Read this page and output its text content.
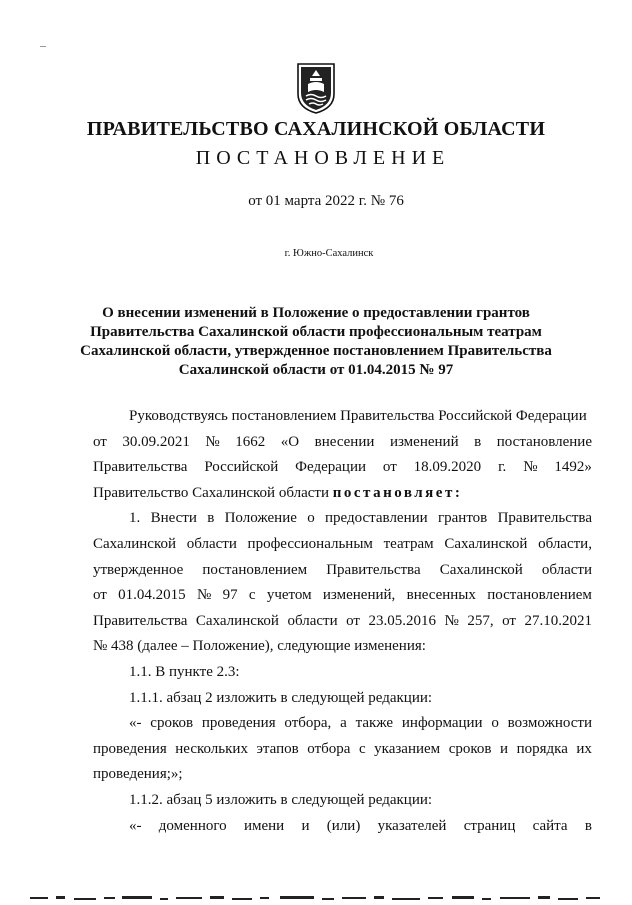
ПРАВИТЕЛЬСТВО САХАЛИНСКОЙ ОБЛАСТИ
ПОСТАНОВЛЕНИЕ
от 01 марта 2022 г. № 76
г. Южно-Сахалинск
О внесении изменений в Положение о предоставлении грантов
Правительства Сахалинской области профессиональным театрам
Сахалинской области, утвержденное постановлением Правительства
Сахалинской области от 01.04.2015 № 97
Руководствуясь постановлением Правительства Российской Федерации
от 30.09.2021 № 1662 «О внесении изменений в постановление
Правительства Российской Федерации от 18.09.2020 г. № 1492»
Правительство Сахалинской области постановляет:
1. Внести в Положение о предоставлении грантов Правительства
Сахалинской области профессиональным театрам Сахалинской области,
утвержденное постановлением Правительства Сахалинской области
от 01.04.2015 № 97 с учетом изменений, внесенных постановлением
Правительства Сахалинской области от 23.05.2016 № 257, от 27.10.2021
№ 438 (далее – Положение), следующие изменения:
1.1. В пункте 2.3:
1.1.1. абзац 2 изложить в следующей редакции:
«- сроков проведения отбора, а также информации о возможности
проведения нескольких этапов отбора с указанием сроков и порядка их
проведения;»;
1.1.2. абзац 5 изложить в следующей редакции:
«- доменного имени и (или) указателей страниц сайта в
